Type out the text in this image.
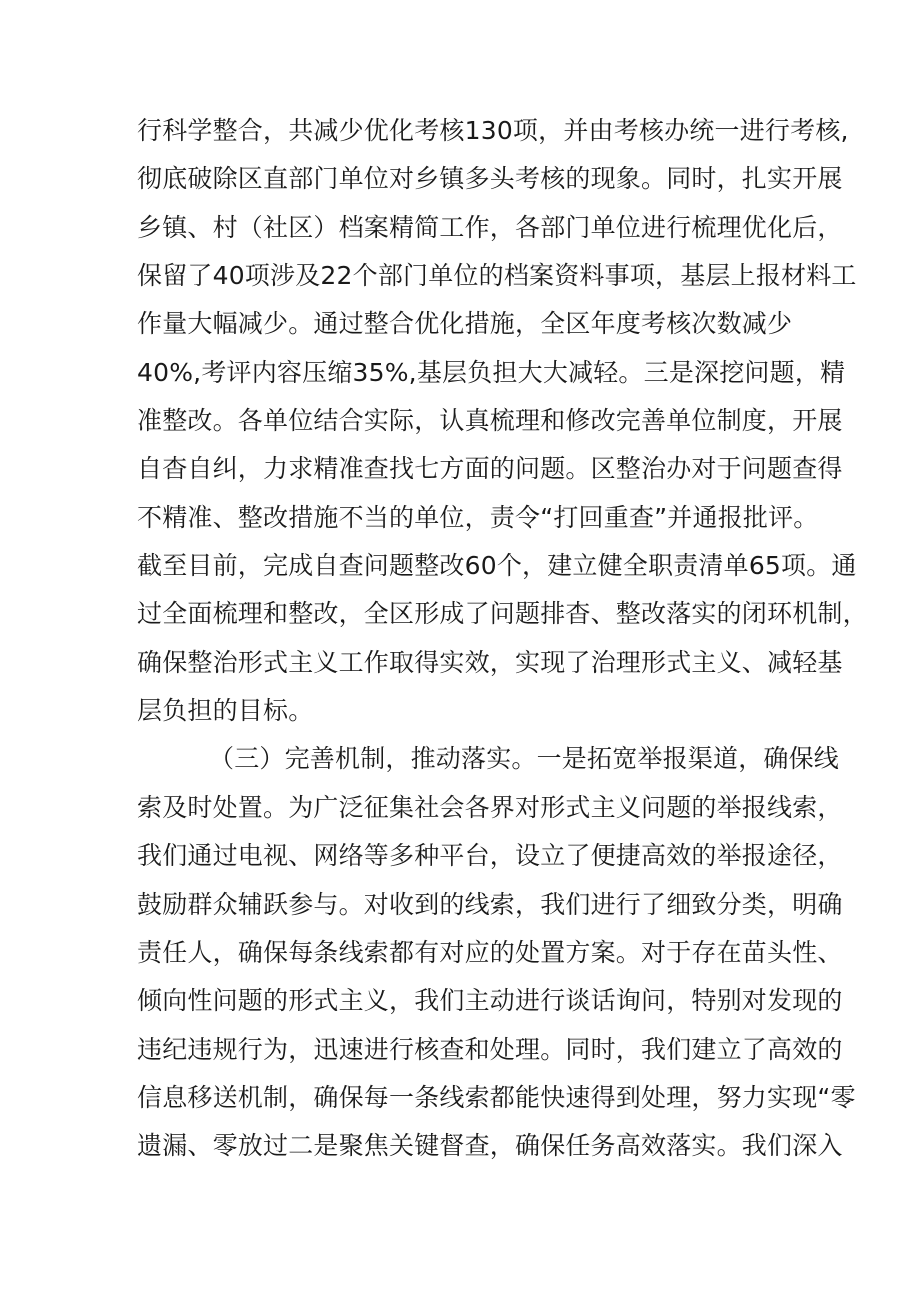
行科学整合，共减少优化考核130项，并由考核办统一进行考核,
彻底破除区直部门单位对乡镇多头考核的现象。同时，扎实开展
乡镇、村（社区）档案精简工作，各部门单位进行梳理优化后，
保留了40项涉及22个部门单位的档案资料事项，基层上报材料工
作量大幅减少。通过整合优化措施，全区年度考核次数减少
40%,考评内容压缩35%,基层负担大大减轻。三是深挖问题，精
准整改。各单位结合实际，认真梳理和修改完善单位制度，开展
自杳自纠，力求精准查找七方面的问题。区整治办对于问题查得
不精准、整改措施不当的单位，责令“打回重查”并通报批评。
截至目前，完成自查问题整改60个，建立健全职责清单65项。通
过全面梳理和整改，全区形成了问题排杳、整改落实的闭环机制，
确保整治形式主义工作取得实效，实现了治理形式主义、减轻基
层负担的目标。
（三）完善机制，推动落实。一是拓宽举报渠道，确保线
索及时处置。为广泛征集社会各界对形式主义问题的举报线索，
我们通过电视、网络等多种平台，设立了便捷高效的举报途径，
鼓励群众辅跃参与。对收到的线索，我们进行了细致分类，明确
责任人，确保每条线索都有对应的处置方案。对于存在苗头性、
倾向性问题的形式主义，我们主动进行谈话询问，特别对发现的
违纪违规行为，迅速进行核查和处理。同时，我们建立了高效的
信息移送机制，确保每一条线索都能快速得到处理，努力实现“零
遗漏、零放过二是聚焦关键督查，确保任务高效落实。我们深入
